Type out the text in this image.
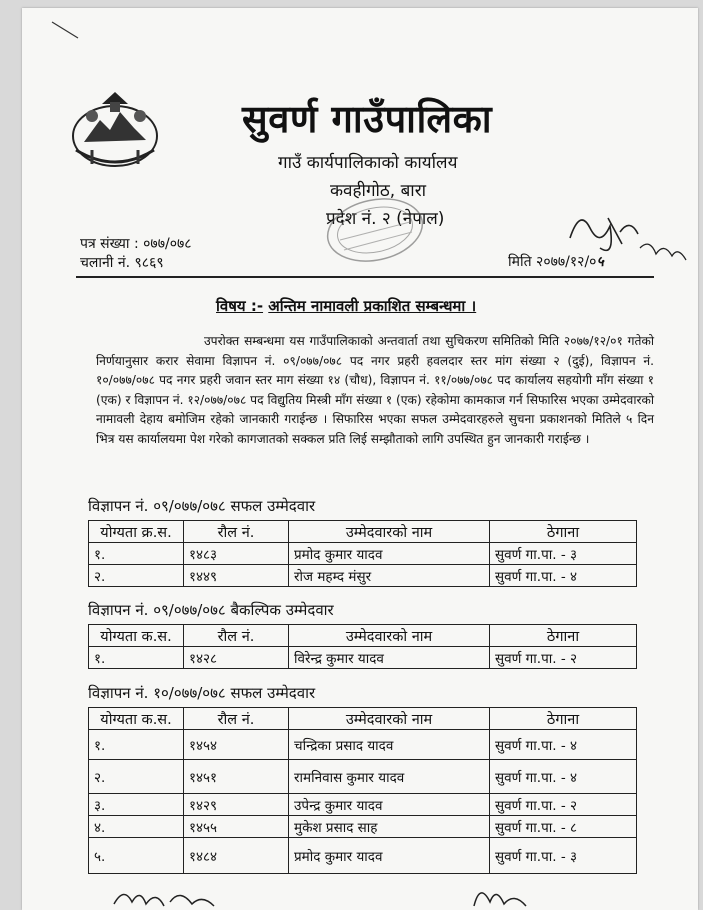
सुवर्ण गाउँपालिका
गाउँ कार्यपालिकाको कार्यालय
कवहीगोठ, बारा
प्रदेश नं. २ (नेपाल)
पत्र संख्या : ०७७/०७८
चलानी नं. ९८६९	मिति २०७७/१२/०५
विषय :- अन्तिम नामावली प्रकाशित सम्बन्धमा ।
उपरोक्त सम्बन्धमा यस गाउँपालिकाको अन्तवार्ता तथा सुचिकरण समितिको मिति २०७७/१२/०१ गतेको निर्णयानुसार करार सेवामा विज्ञापन नं. ०९/०७७/०७८ पद नगर प्रहरी हवलदार स्तर मांग संख्या २ (दुई), विज्ञापन नं. १०/०७७/०७८ पद नगर प्रहरी जवान स्तर माग संख्या १४ (चौध), विज्ञापन नं. ११/०७७/०७८ पद कार्यालय सहयोगी माँग संख्या १ (एक) र विज्ञापन नं. १२/०७७/०७८ पद विद्युतिय मिस्त्री माँग संख्या १ (एक) रहेकोमा कामकाज गर्न सिफारिस भएका उम्मेदवारको नामावली देहाय बमोजिम रहेको जानकारी गराईन्छ । सिफारिस भएका सफल उम्मेदवारहरुले सुचना प्रकाशनको मितिले ५ दिन भित्र यस कार्यालयमा पेश गरेको कागजातको सक्कल प्रति लिई सम्झौताको लागि उपस्थित हुन जानकारी गराईन्छ ।
विज्ञापन नं. ०९/०७७/०७८ सफल उम्मेदवार
योग्यता क्र.स.	रौल नं.	उम्मेदवारको नाम	ठेगाना
१.	१४८३	प्रमोद कुमार यादव	सुवर्ण गा.पा. - ३
२.	१४४९	रोज महम्द मंसुर	सुवर्ण गा.पा. - ४
विज्ञापन नं. ०९/०७७/०७८ बैकल्पिक उम्मेदवार
योग्यता क.स.	रौल नं.	उम्मेदवारको नाम	ठेगाना
१.	१४२८	विरेन्द्र कुमार यादव	सुवर्ण गा.पा. - २
विज्ञापन नं. १०/०७७/०७८ सफल उम्मेदवार
योग्यता क.स.	रौल नं.	उम्मेदवारको नाम	ठेगाना
१.	१४५४	चन्द्रिका प्रसाद यादव	सुवर्ण गा.पा. - ४
२.	१४५१	रामनिवास कुमार यादव	सुवर्ण गा.पा. - ४
३.	१४२९	उपेन्द्र कुमार यादव	सुवर्ण गा.पा. - २
४.	१४५५	मुकेश प्रसाद साह	सुवर्ण गा.पा. - ८
५.	१४८४	प्रमोद कुमार यादव	सुवर्ण गा.पा. - ३
